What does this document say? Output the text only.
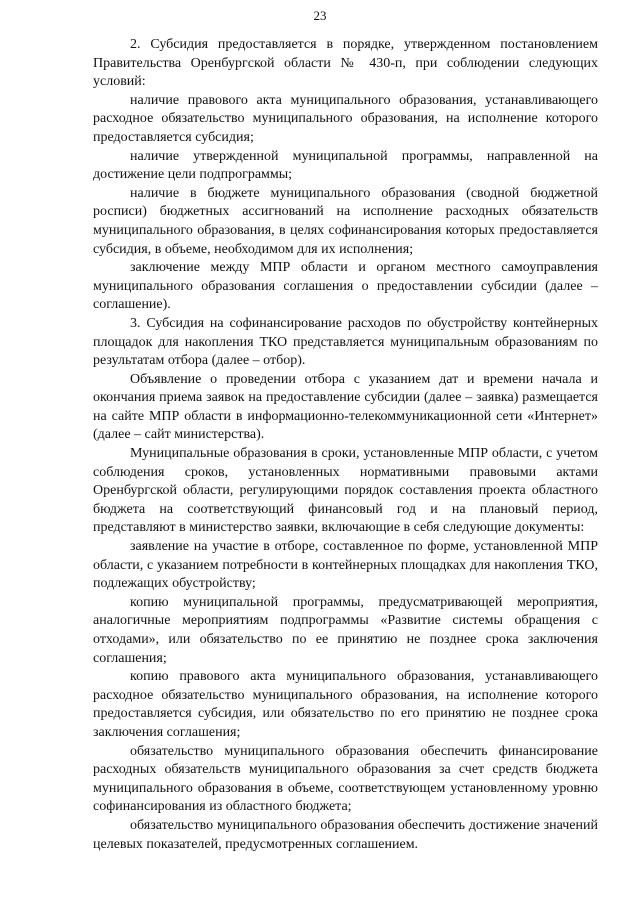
23

2. Субсидия предоставляется в порядке, утвержденном постановлением Правительства Оренбургской области № 430-п, при соблюдении следующих условий:

наличие правового акта муниципального образования, устанавливающего расходное обязательство муниципального образования, на исполнение которого предоставляется субсидия;

наличие утвержденной муниципальной программы, направленной на достижение цели подпрограммы;

наличие в бюджете муниципального образования (сводной бюджетной росписи) бюджетных ассигнований на исполнение расходных обязательств муниципального образования, в целях софинансирования которых предоставляется субсидия, в объеме, необходимом для их исполнения;

заключение между МПР области и органом местного самоуправления муниципального образования соглашения о предоставлении субсидии (далее – соглашение).

3. Субсидия на софинансирование расходов по обустройству контейнерных площадок для накопления ТКО представляется муниципальным образованиям по результатам отбора (далее – отбор).

Объявление о проведении отбора с указанием дат и времени начала и окончания приема заявок на предоставление субсидии (далее – заявка) размещается на сайте МПР области в информационно-телекоммуникационной сети «Интернет» (далее – сайт министерства).

Муниципальные образования в сроки, установленные МПР области, с учетом соблюдения сроков, установленных нормативными правовыми актами Оренбургской области, регулирующими порядок составления проекта областного бюджета на соответствующий финансовый год и на плановый период, представляют в министерство заявки, включающие в себя следующие документы:

заявление на участие в отборе, составленное по форме, установленной МПР области, с указанием потребности в контейнерных площадках для накопления ТКО, подлежащих обустройству;

копию муниципальной программы, предусматривающей мероприятия, аналогичные мероприятиям подпрограммы «Развитие системы обращения с отходами», или обязательство по ее принятию не позднее срока заключения соглашения;

копию правового акта муниципального образования, устанавливающего расходное обязательство муниципального образования, на исполнение которого предоставляется субсидия, или обязательство по его принятию не позднее срока заключения соглашения;

обязательство муниципального образования обеспечить финансирование расходных обязательств муниципального образования за счет средств бюджета муниципального образования в объеме, соответствующем установленному уровню софинансирования из областного бюджета;

обязательство муниципального образования обеспечить достижение значений целевых показателей, предусмотренных соглашением.
